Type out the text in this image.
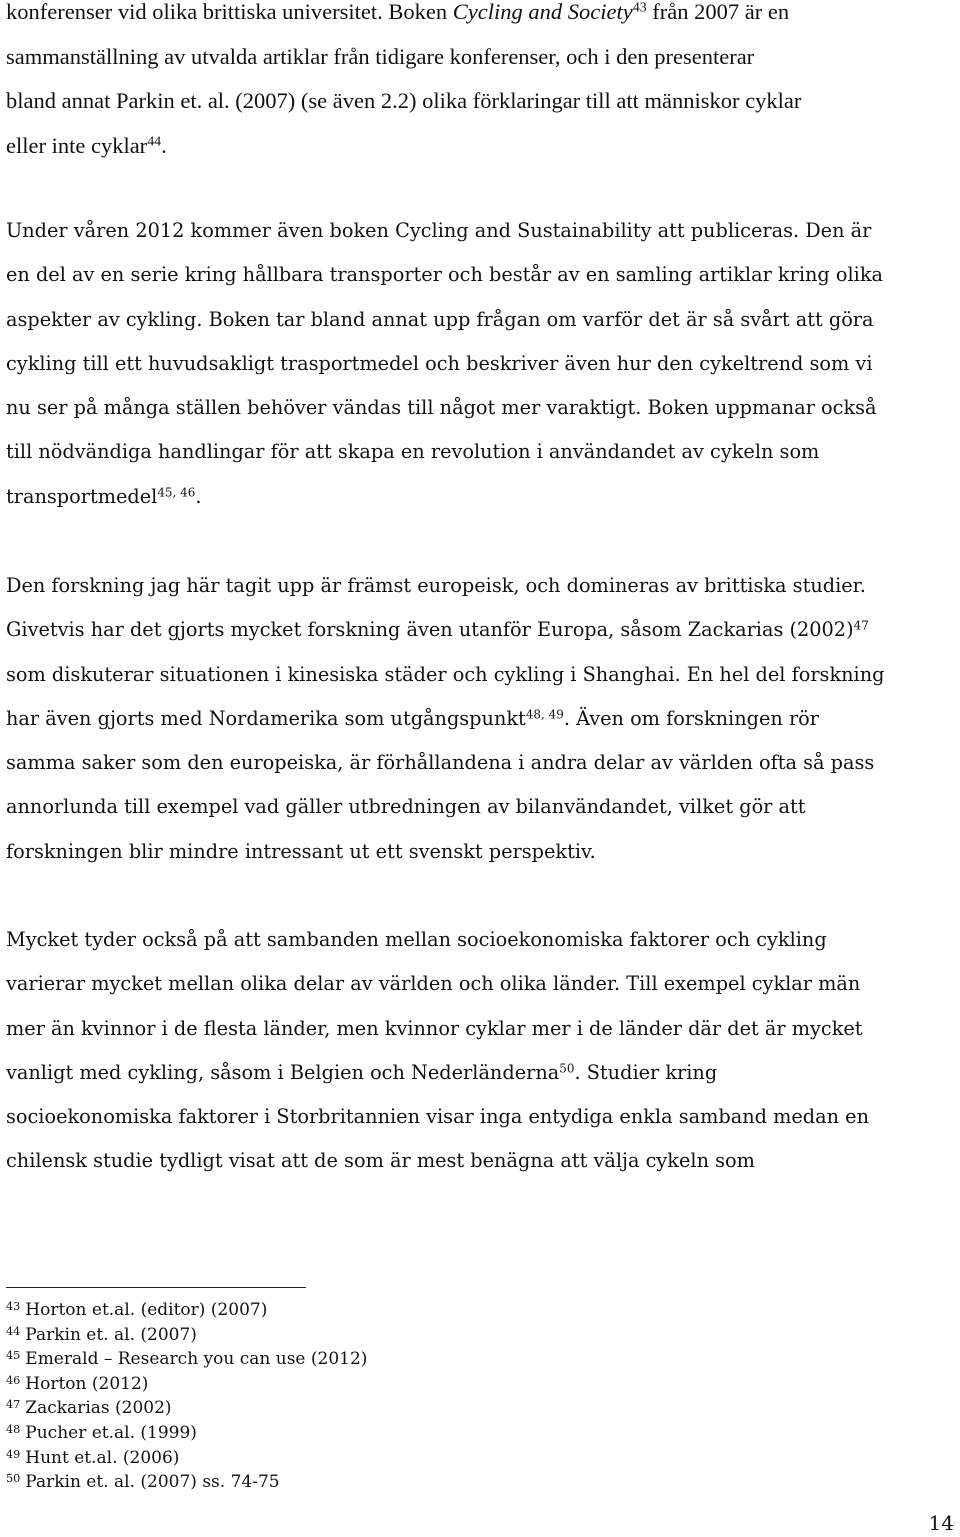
konferenser vid olika brittiska universitet. Boken Cycling and Society$^{43}$ från 2007 är en
sammanställning av utvalda artiklar från tidigare konferenser, och i den presenterar
bland annat Parkin et. al. (2007) (se även 2.2) olika förklaringar till att människor cyklar
eller inte cyklar$^{44}$.

Under våren 2012 kommer även boken Cycling and Sustainability att publiceras. Den är
en del av en serie kring hållbara transporter och består av en samling artiklar kring olika
aspekter av cykling. Boken tar bland annat upp frågan om varför det är så svårt att göra
cykling till ett huvudsakligt trasportmedel och beskriver även hur den cykeltrend som vi
nu ser på många ställen behöver vändas till något mer varaktigt. Boken uppmanar också
till nödvändiga handlingar för att skapa en revolution i användandet av cykeln som
transportmedel$^{45, 46}$.

Den forskning jag här tagit upp är främst europeisk, och domineras av brittiska studier.
Givetvis har det gjorts mycket forskning även utanför Europa, såsom Zackarias $(2002)^{47}$
som diskuterar situationen i kinesiska städer och cykling i Shanghai. En hel del forskning
har även gjorts med Nordamerika som utgångspunkt$^{48, 49}$. Även om forskningen rör
samma saker som den europeiska, är förhållandena i andra delar av världen ofta så pass
annorlunda till exempel vad gäller utbredningen av bilanvändandet, vilket gör att
forskningen blir mindre intressant ut ett svenskt perspektiv.

Mycket tyder också på att sambanden mellan socioekonomiska faktorer och cykling
varierar mycket mellan olika delar av världen och olika länder. Till exempel cyklar män
mer än kvinnor i de flesta länder, men kvinnor cyklar mer i de länder där det är mycket
vanligt med cykling, såsom i Belgien och Nederländerna$^{50}$. Studier kring
socioekonomiska faktorer i Storbritannien visar inga entydiga enkla samband medan en
chilensk studie tydligt visat att de som är mest benägna att välja cykeln som

$^{43}$ Horton et.al. (editor) (2007)
$^{44}$ Parkin et. al. (2007)
$^{45}$ Emerald – Research you can use (2012)
$^{46}$ Horton (2012)
$^{47}$ Zackarias (2002)
$^{48}$ Pucher et.al. (1999)
$^{49}$ Hunt et.al. (2006)
$^{50}$ Parkin et. al. (2007) ss. 74-75
14
